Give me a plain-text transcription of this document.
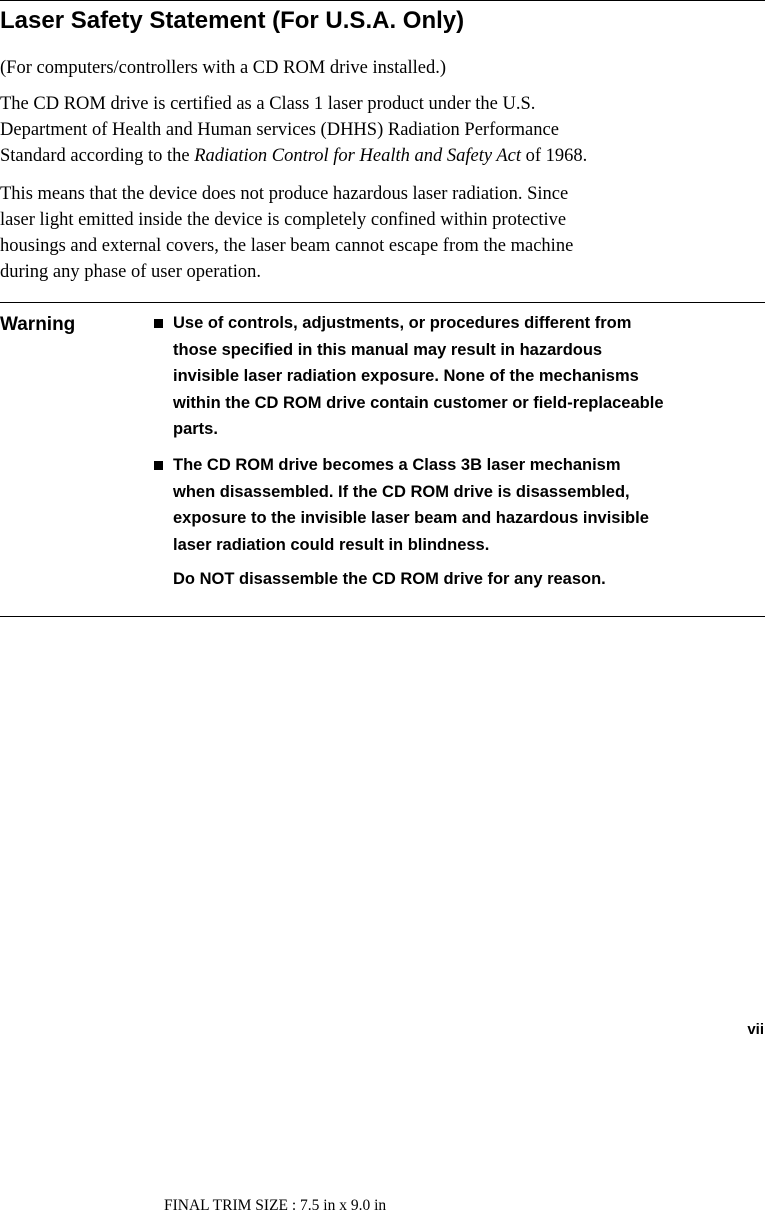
Laser Safety Statement (For U.S.A. Only)

(For computers/controllers with a CD ROM drive installed.)

The CD ROM drive is certified as a Class 1 laser product under the U.S.
Department of Health and Human services (DHHS) Radiation Performance
Standard according to the Radiation Control for Health and Safety Act of 1968.

This means that the device does not produce hazardous laser radiation. Since
laser light emitted inside the device is completely confined within protective
housings and external covers, the laser beam cannot escape from the machine
during any phase of user operation.

Warning	Use of controls, adjustments, or procedures different from
those specified in this manual may result in hazardous
invisible laser radiation exposure. None of the mechanisms
within the CD ROM drive contain customer or field-replaceable
parts.
The CD ROM drive becomes a Class 3B laser mechanism
when disassembled. If the CD ROM drive is disassembled,
exposure to the invisible laser beam and hazardous invisible
laser radiation could result in blindness.

Do NOT disassemble the CD ROM drive for any reason.

vii

FINAL TRIM SIZE : 7.5 in x 9.0 in
